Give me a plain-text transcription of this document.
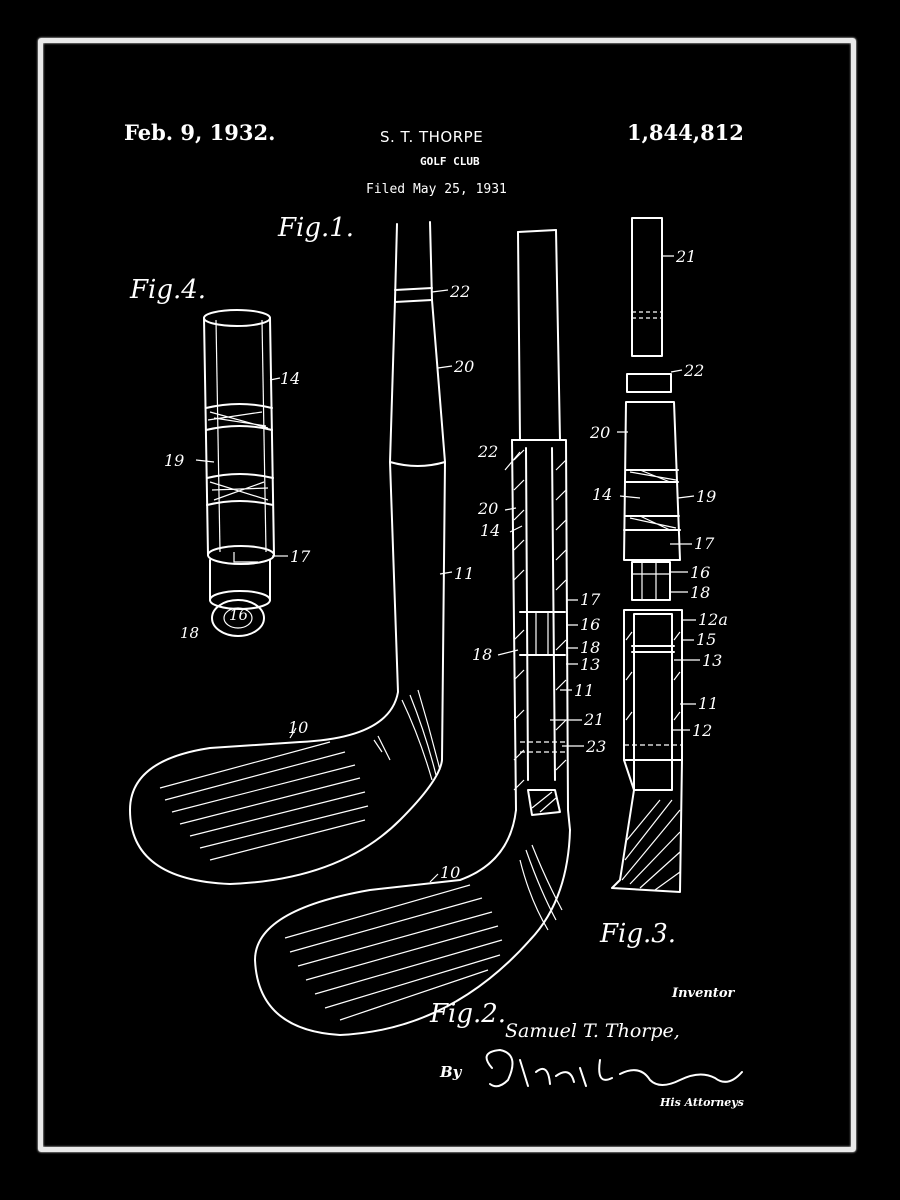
Feb. 9, 1932.	S. T. THORPE
GOLF CLUB
Filed May 25, 1931
1,844,812
Fig.1.
Fig.4.
Fig.3.
Fig.2.
22
20
11
10
14
19
17
16
18
22
20
14
17
16
18	18
13
11
21
23
10
21
22
20
14	19
17
16
18
12a
15
13
11
12
Inventor
Samuel T. Thorpe,
By
His Attorneys
